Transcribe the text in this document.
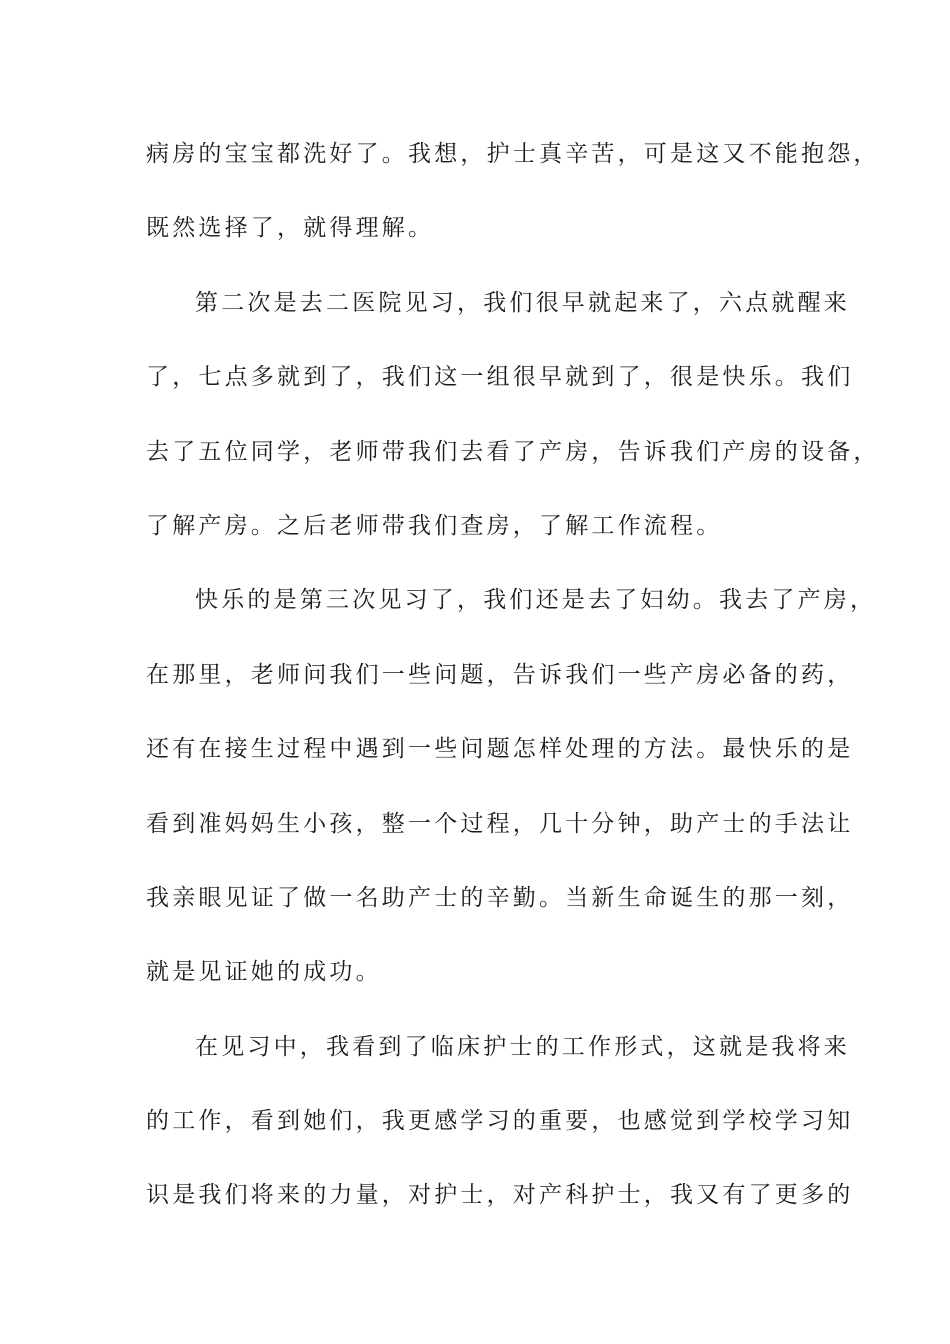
病房的宝宝都洗好了。我想，护士真辛苦，可是这又不能抱怨，
既然选择了，就得理解。
第二次是去二医院见习，我们很早就起来了，六点就醒来
了，七点多就到了，我们这一组很早就到了，很是快乐。我们
去了五位同学，老师带我们去看了产房，告诉我们产房的设备，
了解产房。之后老师带我们查房，了解工作流程。
快乐的是第三次见习了，我们还是去了妇幼。我去了产房，
在那里，老师问我们一些问题，告诉我们一些产房必备的药，
还有在接生过程中遇到一些问题怎样处理的方法。最快乐的是
看到准妈妈生小孩，整一个过程，几十分钟，助产士的手法让
我亲眼见证了做一名助产士的辛勤。当新生命诞生的那一刻，
就是见证她的成功。
在见习中，我看到了临床护士的工作形式，这就是我将来
的工作，看到她们，我更感学习的重要，也感觉到学校学习知
识是我们将来的力量，对护士，对产科护士，我又有了更多的
